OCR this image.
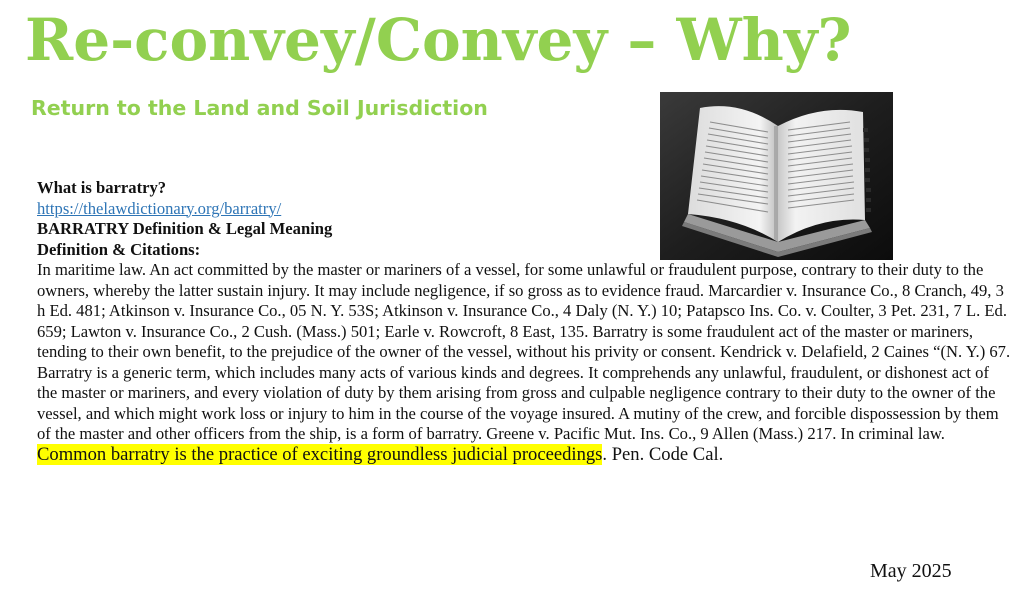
Re-convey/Convey – Why?
Return to the Land and Soil Jurisdiction
What is barratry?
https://thelawdictionary.org/barratry/
BARRATRY Definition & Legal Meaning
Definition & Citations:
In maritime law. An act committed by the master or mariners of a vessel, for some unlawful or fraudulent purpose, contrary to their duty to the owners, whereby the latter sustain injury. It may include negligence, if so gross as to evidence fraud. Marcardier v. Insurance Co., 8 Cranch, 49, 3 h Ed. 481; Atkinson v. Insurance Co., 05 N. Y. 53S; Atkinson v. Insurance Co., 4 Daly (N. Y.) 10; Patapsco Ins. Co. v. Coulter, 3 Pet. 231, 7 L. Ed. 659; Lawton v. Insurance Co., 2 Cush. (Mass.) 501; Earle v. Rowcroft, 8 East, 135. Barratry is some fraudulent act of the master or mariners, tending to their own benefit, to the prejudice of the owner of the vessel, without his privity or consent. Kendrick v. Delafield, 2 Caines “(N. Y.) 67. Barratry is a generic term, which includes many acts of various kinds and degrees. It comprehends any unlawful, fraudulent, or dishonest act of the master or mariners, and every violation of duty by them arising from gross and culpable negligence contrary to their duty to the owner of the vessel, and which might work loss or injury to him in the course of the voyage insured. A mutiny of the crew, and forcible dispossession by them of the master and other officers from the ship, is a form of barratry. Greene v. Pacific Mut. Ins. Co., 9 Allen (Mass.) 217. In criminal law. Common barratry is the practice of exciting groundless judicial proceedings. Pen. Code Cal.
May 2025
